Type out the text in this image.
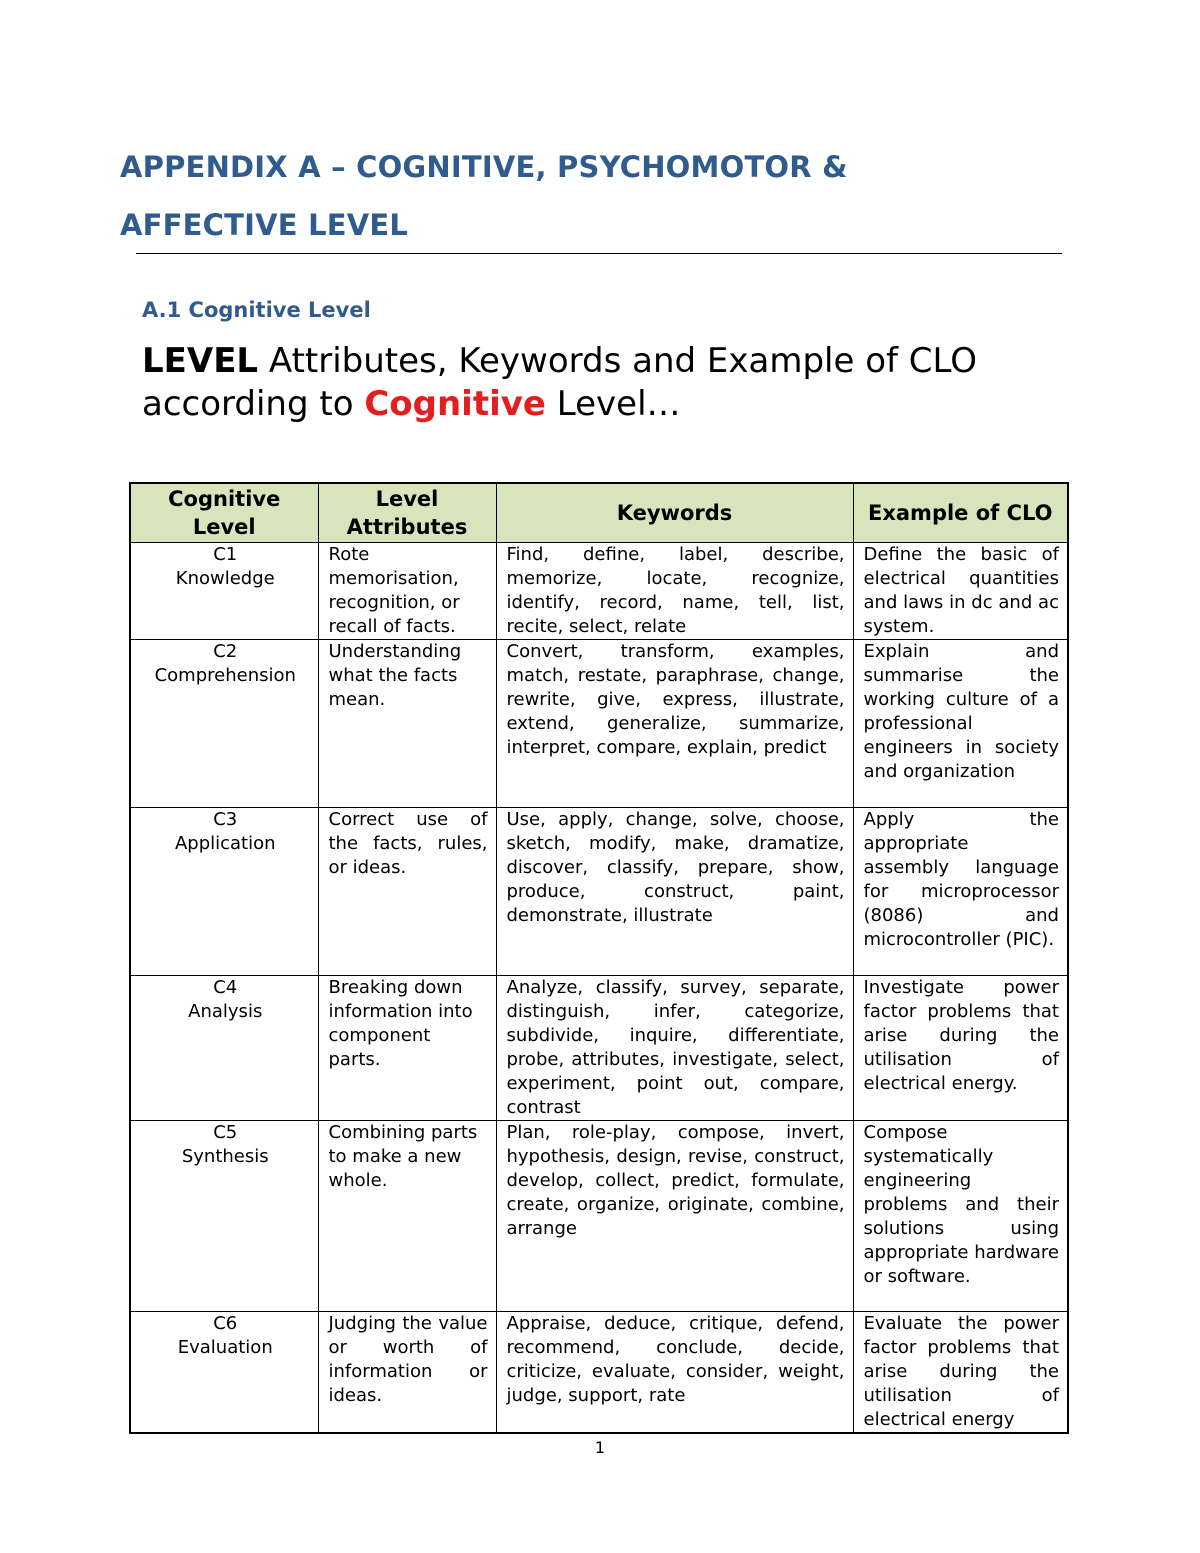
APPENDIX A – COGNITIVE, PSYCHOMOTOR &
AFFECTIVE LEVEL
A.1 Cognitive Level

LEVEL Attributes, Keywords and Example of CLO according to Cognitive Level…

Cognitive Level	Level Attributes	Keywords	Example of CLO

C1
Knowledge	Rote memorisation, recognition, or recall of facts.	Find, define, label, describe, memorize, locate, recognize, identify, record, name, tell, list, recite, select, relate	Define the basic of electrical quantities and laws in dc and ac system.

C2
Comprehension	Understanding what the facts mean.	Convert, transform, examples, match, restate, paraphrase, change, rewrite, give, express, illustrate, extend, generalize, summarize, interpret, compare, explain, predict	Explain and summarise the working culture of a professional engineers in society and organization

C3
Application	Correct use of the facts, rules, or ideas.	Use, apply, change, solve, choose, sketch, modify, make, dramatize, discover, classify, prepare, show, produce, construct, paint, demonstrate, illustrate	Apply the appropriate assembly language for microprocessor (8086) and microcontroller (PIC).

C4
Analysis	Breaking down information into component parts.	Analyze, classify, survey, separate, distinguish, infer, categorize, subdivide, inquire, differentiate, probe, attributes, investigate, select, experiment, point out, compare, contrast	Investigate power factor problems that arise during the utilisation of electrical energy.

C5
Synthesis	Combining parts to make a new whole.	Plan, role-play, compose, invert, hypothesis, design, revise, construct, develop, collect, predict, formulate, create, organize, originate, combine, arrange	Compose systematically engineering problems and their solutions using appropriate hardware or software.

C6
Evaluation	Judging the value or worth of information or ideas.	Appraise, deduce, critique, defend, recommend, conclude, decide, criticize, evaluate, consider, weight, judge, support, rate	Evaluate the power factor problems that arise during the utilisation of electrical energy
1
